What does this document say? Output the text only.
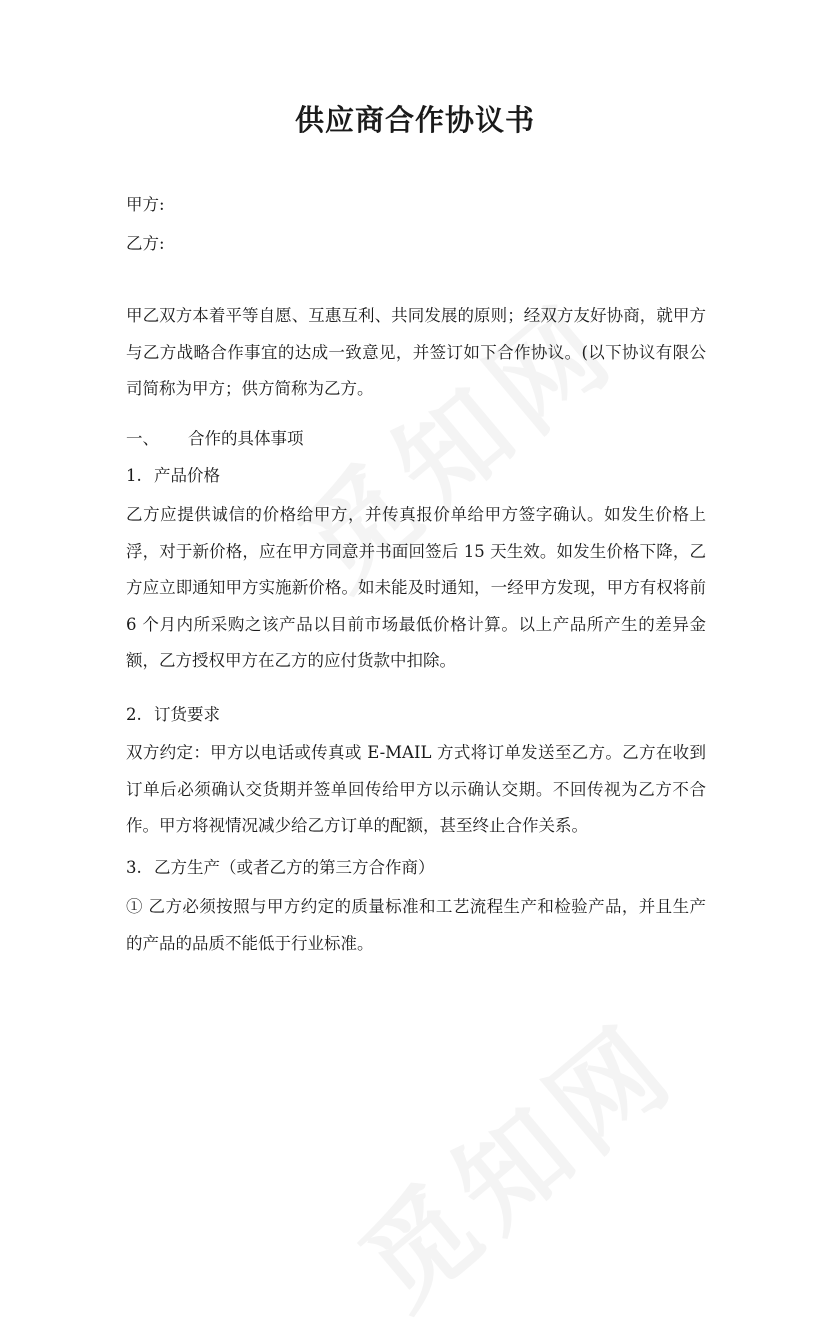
供应商合作协议书

甲方:

乙方:

甲乙双方本着平等自愿、互惠互利、共同发展的原则；经双方友好协商，就甲方与乙方战略合作事宜的达成一致意见，并签订如下合作协议。(以下协议有限公司简称为甲方；供方简称为乙方。

一、 合作的具体事项

1. 产品价格

乙方应提供诚信的价格给甲方，并传真报价单给甲方签字确认。如发生价格上浮，对于新价格，应在甲方同意并书面回签后 15 天生效。如发生价格下降，乙方应立即通知甲方实施新价格。如未能及时通知，一经甲方发现，甲方有权将前 6 个月内所采购之该产品以目前市场最低价格计算。以上产品所产生的差异金额，乙方授权甲方在乙方的应付货款中扣除。

2. 订货要求

双方约定：甲方以电话或传真或 E-MAIL 方式将订单发送至乙方。乙方在收到订单后必须确认交货期并签单回传给甲方以示确认交期。不回传视为乙方不合作。甲方将视情况减少给乙方订单的配额，甚至终止合作关系。

3. 乙方生产（或者乙方的第三方合作商）

① 乙方必须按照与甲方约定的质量标准和工艺流程生产和检验产品，并且生产的产品的品质不能低于行业标准。
